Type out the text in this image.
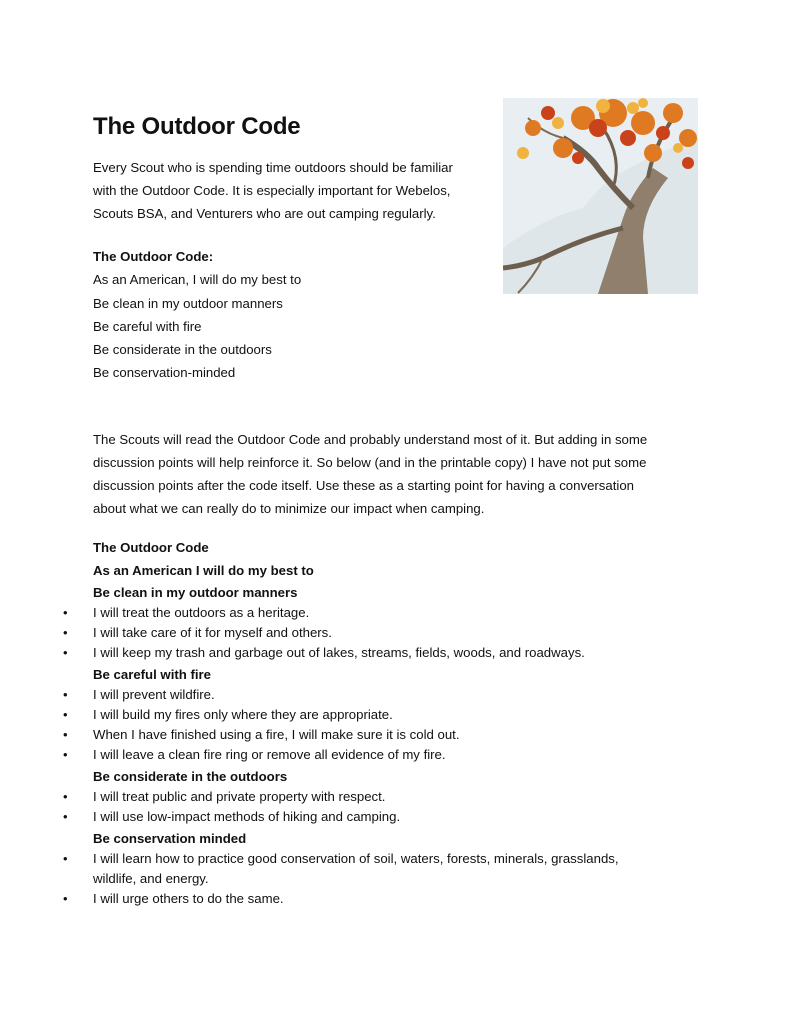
The Outdoor Code

Every Scout who is spending time outdoors should be familiar
with the Outdoor Code. It is especially important for Webelos,
Scouts BSA, and Venturers who are out camping regularly.

The Outdoor Code:
As an American, I will do my best to
Be clean in my outdoor manners
Be careful with fire
Be considerate in the outdoors
Be conservation-minded

The Scouts will read the Outdoor Code and probably understand most of it. But adding in some
discussion points will help reinforce it. So below (and in the printable copy) I have not put some
discussion points after the code itself. Use these as a starting point for having a conversation
about what we can really do to minimize our impact when camping.

The Outdoor Code
As an American I will do my best to
Be clean in my outdoor manners
•	I will treat the outdoors as a heritage.
•	I will take care of it for myself and others.
•	I will keep my trash and garbage out of lakes, streams, fields, woods, and roadways.
Be careful with fire
•	I will prevent wildfire.
•	I will build my fires only where they are appropriate.
•	When I have finished using a fire, I will make sure it is cold out.
•	I will leave a clean fire ring or remove all evidence of my fire.
Be considerate in the outdoors
•	I will treat public and private property with respect.
•	I will use low-impact methods of hiking and camping.
Be conservation minded
•	I will learn how to practice good conservation of soil, waters, forests, minerals, grasslands,
wildlife, and energy.
•	I will urge others to do the same.
